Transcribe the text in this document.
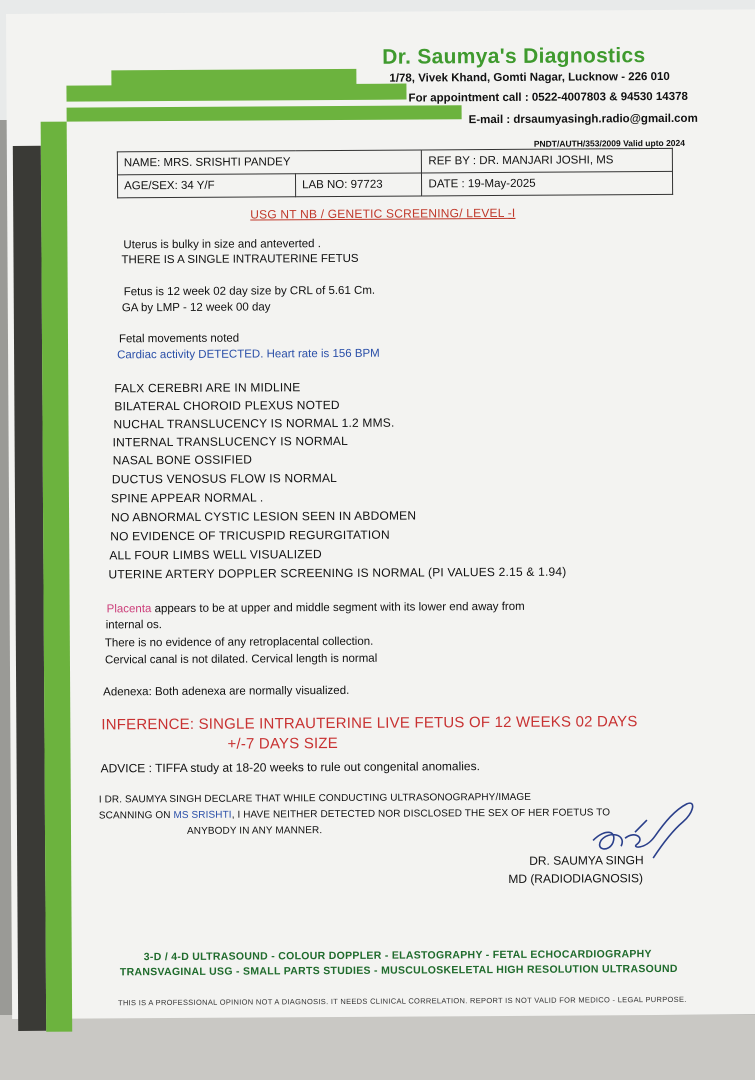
Dr. Saumya's Diagnostics
1/78, Vivek Khand, Gomti Nagar, Lucknow - 226 010
For appointment call : 0522-4007803 & 94530 14378
E-mail : drsaumyasingh.radio@gmail.com
PNDT/AUTH/353/2009 Valid upto 2024
NAME: MRS. SRISHTI PANDEY		REF BY : DR. MANJARI JOSHI, MS
AGE/SEX: 34 Y/F	LAB NO: 97723	DATE : 19-May-2025
USG NT NB / GENETIC SCREENING/ LEVEL -I
Uterus is bulky in size and anteverted .
THERE IS A SINGLE INTRAUTERINE FETUS
Fetus is 12 week 02 day size by CRL of 5.61 Cm.
GA by LMP - 12 week 00 day
Fetal movements noted
Cardiac activity DETECTED. Heart rate is 156 BPM
FALX CEREBRI ARE IN MIDLINE
BILATERAL CHOROID PLEXUS NOTED
NUCHAL TRANSLUCENCY IS NORMAL 1.2 MMS.
INTERNAL TRANSLUCENCY IS NORMAL
NASAL BONE OSSIFIED
DUCTUS VENOSUS FLOW IS NORMAL
SPINE APPEAR NORMAL .
NO ABNORMAL CYSTIC LESION SEEN IN ABDOMEN
NO EVIDENCE OF TRICUSPID REGURGITATION
ALL FOUR LIMBS WELL VISUALIZED
UTERINE ARTERY DOPPLER SCREENING IS NORMAL (PI VALUES 2.15 & 1.94)
Placenta appears to be at upper and middle segment with its lower end away from
internal os.
There is no evidence of any retroplacental collection.
Cervical canal is not dilated. Cervical length is normal
Adenexa: Both adenexa are normally visualized.
INFERENCE: SINGLE INTRAUTERINE LIVE FETUS OF 12 WEEKS 02 DAYS
+/-7 DAYS SIZE
ADVICE : TIFFA study at 18-20 weeks to rule out congenital anomalies.
I DR. SAUMYA SINGH DECLARE THAT WHILE CONDUCTING ULTRASONOGRAPHY/IMAGE
SCANNING ON MS SRISHTI, I HAVE NEITHER DETECTED NOR DISCLOSED THE SEX OF HER FOETUS TO
ANYBODY IN ANY MANNER.
DR. SAUMYA SINGH
MD (RADIODIAGNOSIS)
3-D / 4-D ULTRASOUND - COLOUR DOPPLER - ELASTOGRAPHY - FETAL ECHOCARDIOGRAPHY
TRANSVAGINAL USG - SMALL PARTS STUDIES - MUSCULOSKELETAL HIGH RESOLUTION ULTRASOUND
THIS IS A PROFESSIONAL OPINION NOT A DIAGNOSIS. IT NEEDS CLINICAL CORRELATION. REPORT IS NOT VALID FOR MEDICO - LEGAL PURPOSE.
